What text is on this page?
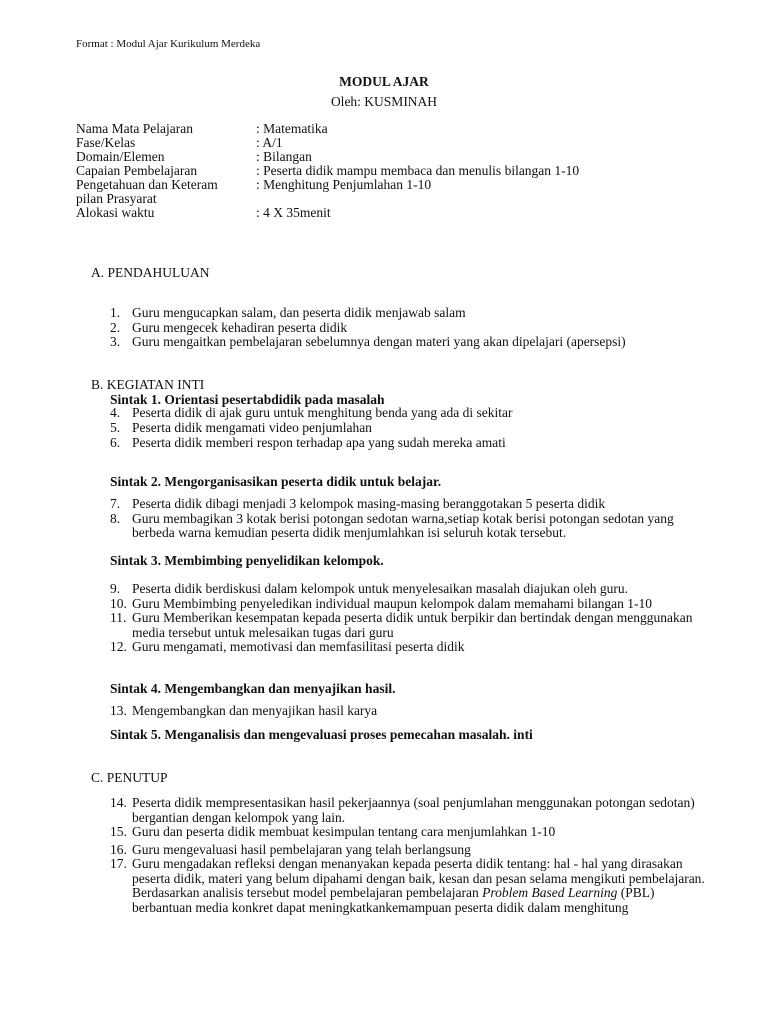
Format : Modul Ajar Kurikulum Merdeka
MODUL AJAR
Oleh: KUSMINAH
Nama Mata Pelajaran	: Matematika
Fase/Kelas	: A/1
Domain/Elemen	: Bilangan
Capaian Pembelajaran	: Peserta didik mampu membaca dan menulis bilangan 1-10
Pengetahuan dan Keteram	: Menghitung Penjumlahan 1-10
pilan Prasyarat
Alokasi waktu	: 4 X 35menit
A. PENDAHULUAN
1. Guru mengucapkan salam, dan peserta didik menjawab salam
2. Guru mengecek kehadiran peserta didik
3. Guru mengaitkan pembelajaran sebelumnya dengan materi yang akan dipelajari (apersepsi)
B. KEGIATAN INTI
Sintak 1. Orientasi pesertabdidik pada masalah
4. Peserta didik di ajak guru untuk menghitung benda yang ada di sekitar
5. Peserta didik mengamati video penjumlahan
6. Peserta didik memberi respon terhadap apa yang sudah mereka amati
Sintak 2. Mengorganisasikan peserta didik untuk belajar.
7. Peserta didik dibagi menjadi 3 kelompok masing-masing beranggotakan 5 peserta didik
8. Guru membagikan 3 kotak berisi potongan sedotan warna,setiap kotak berisi potongan sedotan yang berbeda warna kemudian peserta didik menjumlahkan isi seluruh kotak tersebut.
Sintak 3. Membimbing penyelidikan kelompok.
9. Peserta didik berdiskusi dalam kelompok untuk menyelesaikan masalah diajukan oleh guru.
10. Guru Membimbing penyeledikan individual maupun kelompok dalam memahami bilangan 1-10
11. Guru Memberikan kesempatan kepada peserta didik untuk berpikir dan bertindak dengan menggunakan media tersebut untuk melesaikan tugas dari guru
12. Guru mengamati, memotivasi dan memfasilitasi peserta didik
Sintak 4. Mengembangkan dan menyajikan hasil.
13. Mengembangkan dan menyajikan hasil karya
Sintak 5. Menganalisis dan mengevaluasi proses pemecahan masalah. inti
C. PENUTUP
14. Peserta didik mempresentasikan hasil pekerjaannya (soal penjumlahan menggunakan potongan sedotan) bergantian dengan kelompok yang lain.
15. Guru dan peserta didik membuat kesimpulan tentang cara menjumlahkan 1-10
16. Guru mengevaluasi hasil pembelajaran yang telah berlangsung
17. Guru mengadakan refleksi dengan menanyakan kepada peserta didik tentang: hal - hal yang dirasakan peserta didik, materi yang belum dipahami dengan baik, kesan dan pesan selama mengikuti pembelajaran. Berdasarkan analisis tersebut model pembelajaran pembelajaran Problem Based Learning (PBL) berbantuan media konkret dapat meningkatkankemampuan peserta didik dalam menghitung
